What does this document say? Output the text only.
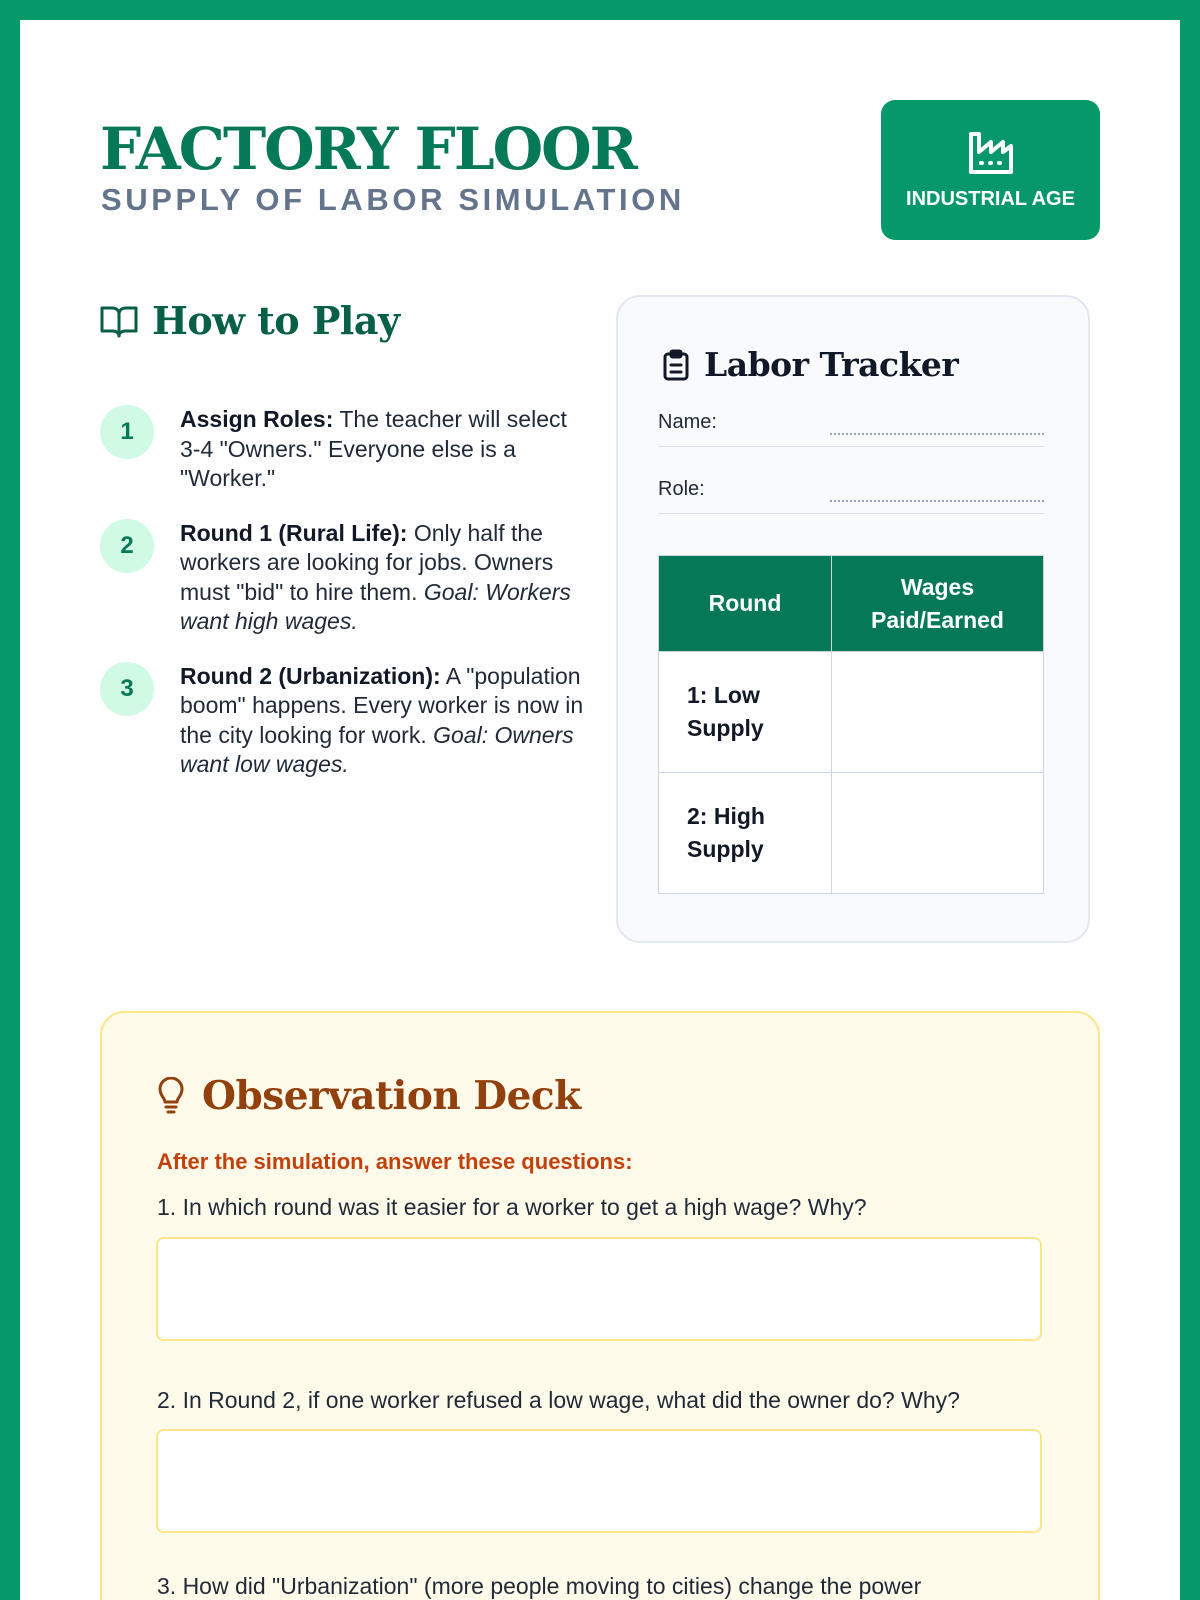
FACTORY FLOOR
SUPPLY OF LABOR SIMULATION	INDUSTRIAL AGE
How to Play
1	Assign Roles: The teacher will select 3-4 "Owners." Everyone else is a "Worker."
2	Round 1 (Rural Life): Only half the workers are looking for jobs. Owners must "bid" to hire them. Goal: Workers want high wages.
3	Round 2 (Urbanization): A "population boom" happens. Every worker is now in the city looking for work. Goal: Owners want low wages.
Labor Tracker
Name:
Role:
Round	Wages Paid/Earned
1: Low Supply	
2: High Supply	
Observation Deck
After the simulation, answer these questions:
1. In which round was it easier for a worker to get a high wage? Why?
2. In Round 2, if one worker refused a low wage, what did the owner do? Why?
3. How did "Urbanization" (more people moving to cities) change the power
